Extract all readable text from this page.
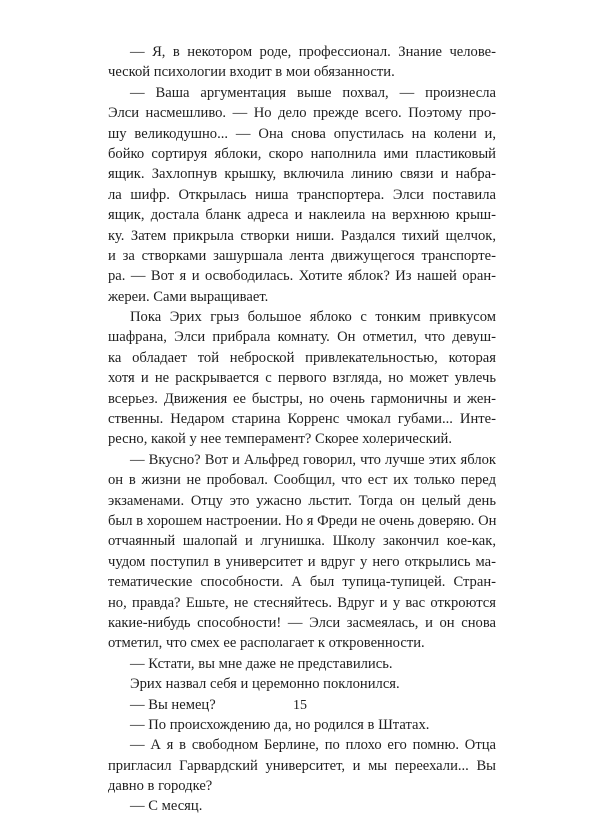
— Я, в некотором роде, профессионал. Знание челове-
ческой психологии входит в мои обязанности.
— Ваша аргументация выше похвал, — произнесла
Элси насмешливо. — Но дело прежде всего. Поэтому про-
шу великодушно... — Она снова опустилась на колени и,
бойко сортируя яблоки, скоро наполнила ими пластиковый
ящик. Захлопнув крышку, включила линию связи и набра-
ла шифр. Открылась ниша транспортера. Элси поставила
ящик, достала бланк адреса и наклеила на верхнюю крыш-
ку. Затем прикрыла створки ниши. Раздался тихий щелчок,
и за створками зашуршала лента движущегося транспорте-
ра. — Вот я и освободилась. Хотите яблок? Из нашей оран-
жереи. Сами выращивает.
Пока Эрих грыз большое яблоко с тонким привкусом
шафрана, Элси прибрала комнату. Он отметил, что девуш-
ка обладает той неброской привлекательностью, которая
хотя и не раскрывается с первого взгляда, но может увлечь
всерьез. Движения ее быстры, но очень гармоничны и жен-
ственны. Недаром старина Корренс чмокал губами... Инте-
ресно, какой у нее темперамент? Скорее холерический.
— Вкусно? Вот и Альфред говорил, что лучше этих яблок
он в жизни не пробовал. Сообщил, что ест их только перед
экзаменами. Отцу это ужасно льстит. Тогда он целый день
был в хорошем настроении. Но я Фреди не очень доверяю. Он
отчаянный шалопай и лгунишка. Школу закончил кое-как,
чудом поступил в университет и вдруг у него открылись ма-
тематические способности. А был тупица-тупицей. Стран-
но, правда? Ешьте, не стесняйтесь. Вдруг и у вас откроются
какие-нибудь способности! — Элси засмеялась, и он снова
отметил, что смех ее располагает к откровенности.
— Кстати, вы мне даже не представились.
Эрих назвал себя и церемонно поклонился.
— Вы немец?
— По происхождению да, но родился в Штатах.
— А я в свободном Берлине, по плохо его помню. Отца
пригласил Гарвардский университет, и мы переехали... Вы
давно в городке?
— С месяц.
15
